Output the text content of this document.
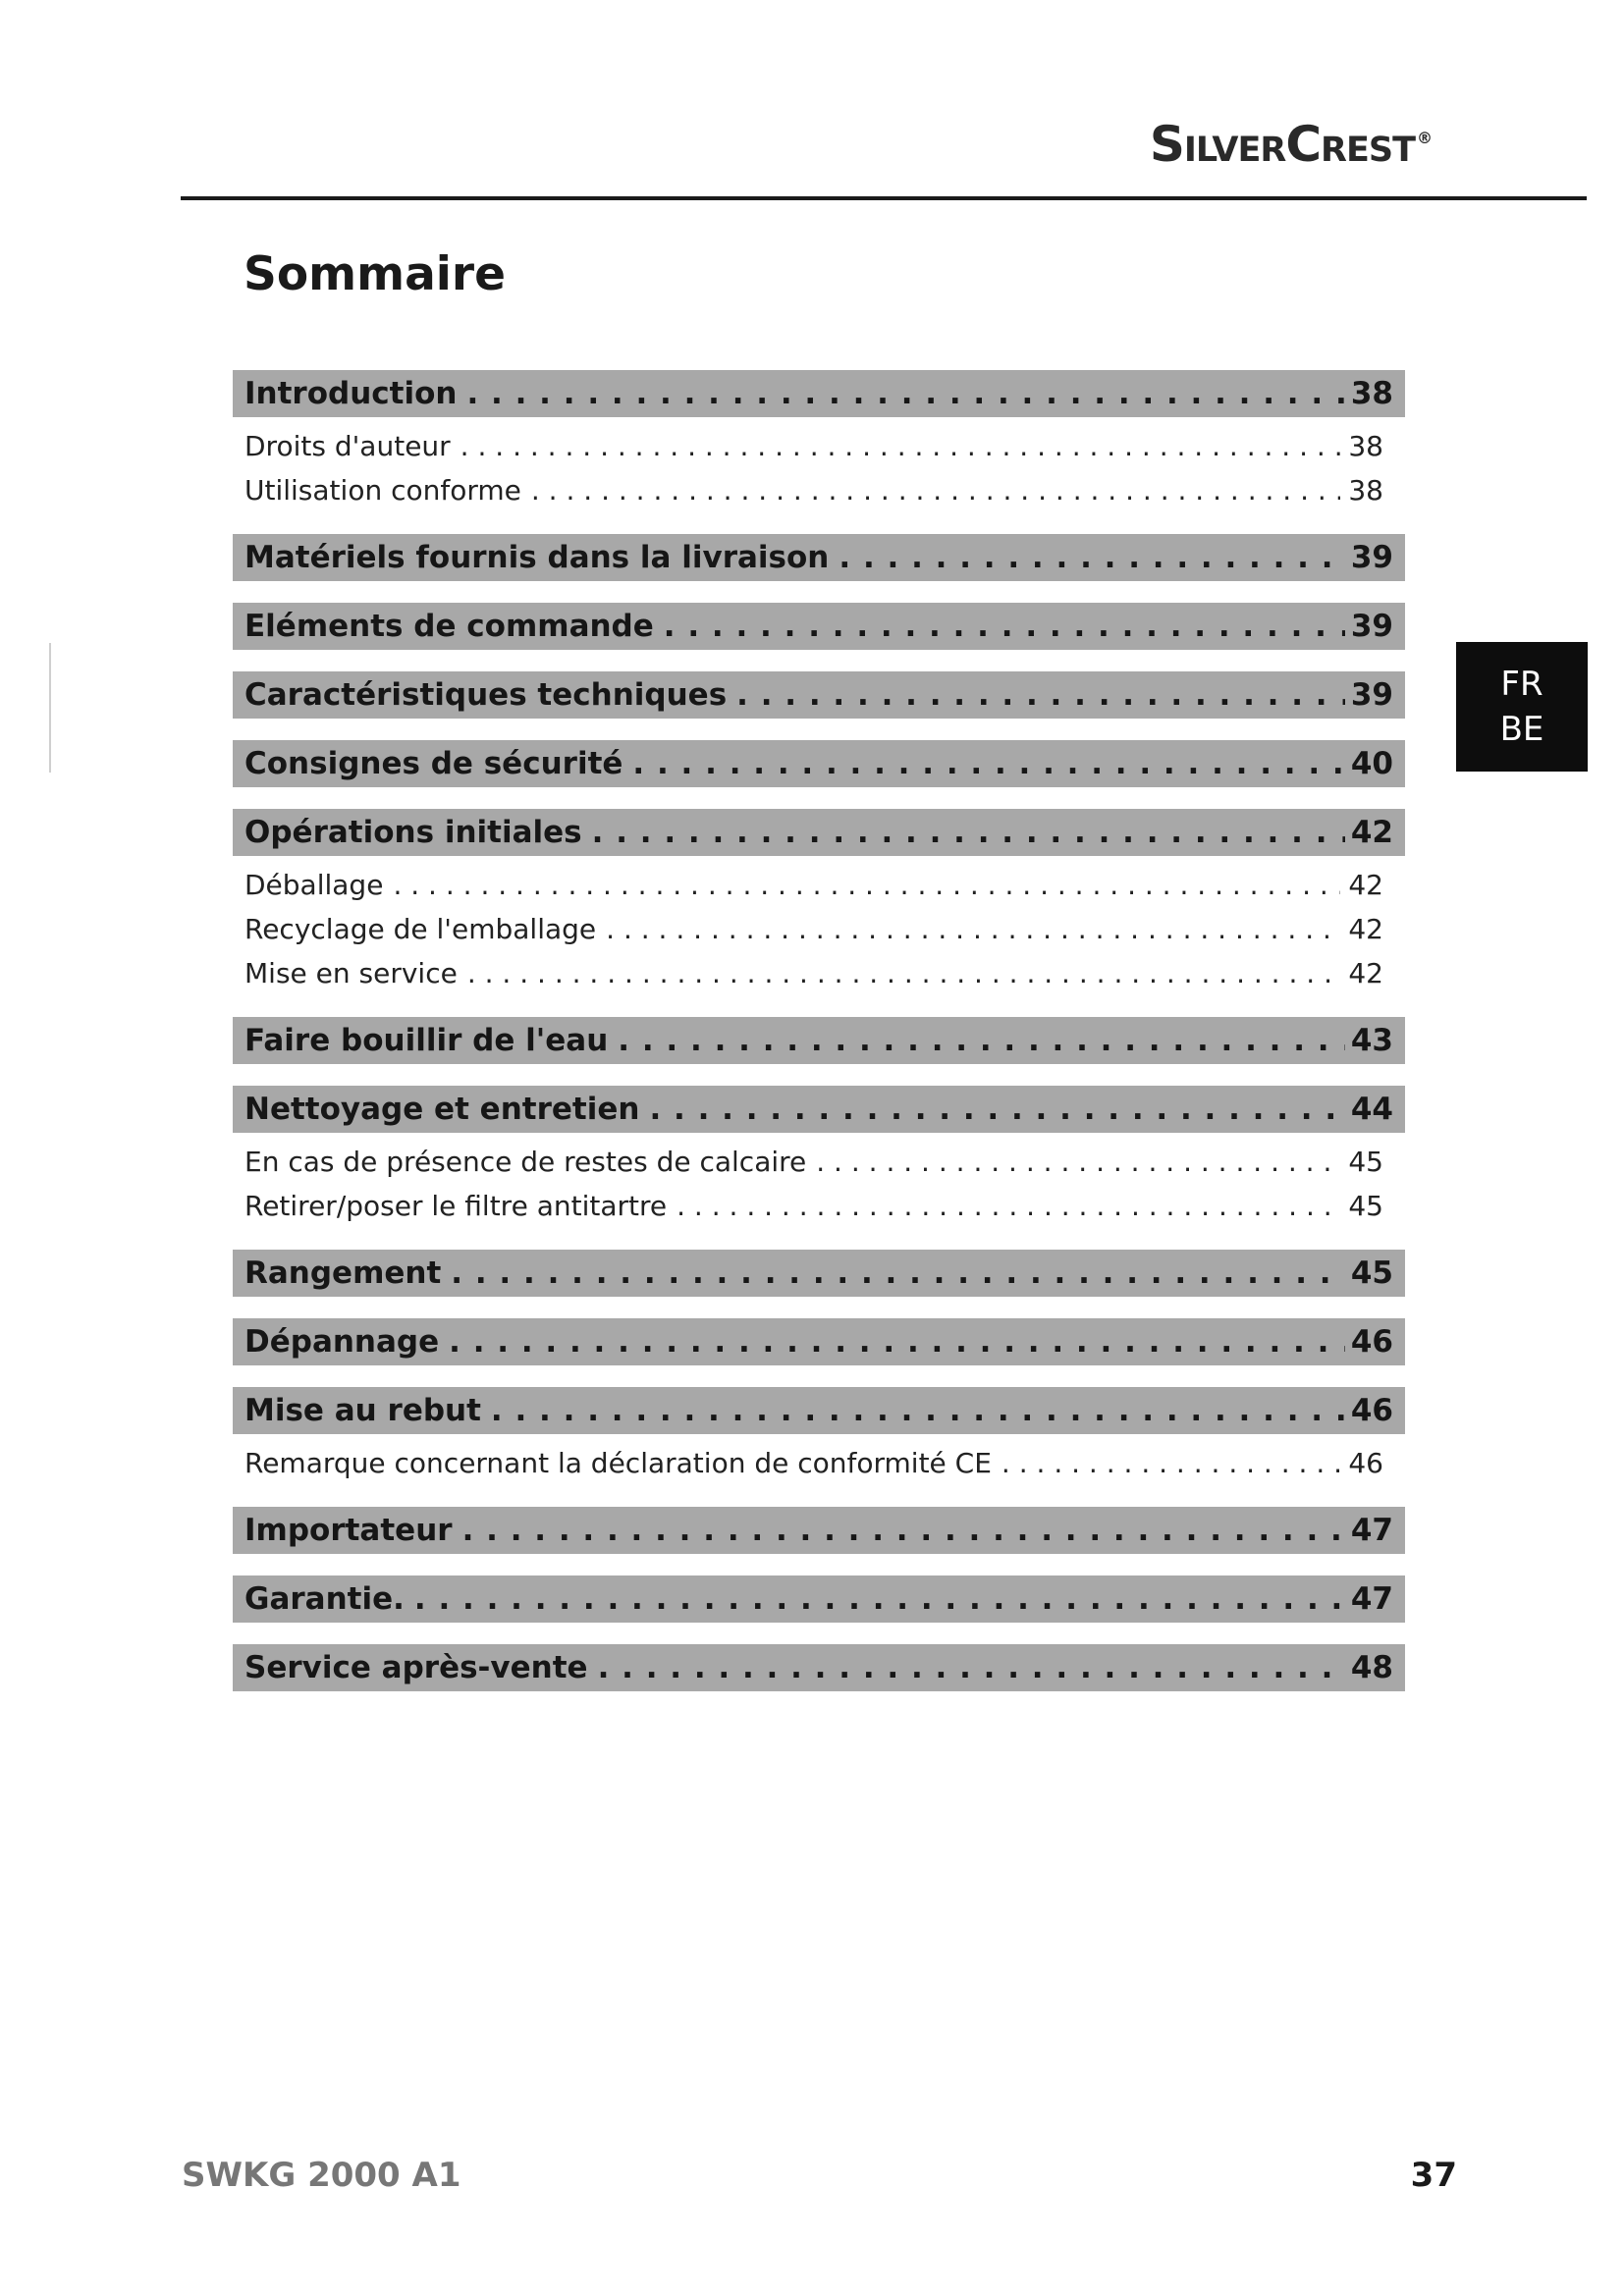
SilverCrest ®
Sommaire
FR
BE
Introduction . . .	38
Droits d'auteur . . .	38
Utilisation conforme . . .	38
Matériels fournis dans la livraison . . .	39
Eléments de commande . . .	39
Caractéristiques techniques . . .	39
Consignes de sécurité . . .	40
Opérations initiales . . .	42
Déballage . . .	42
Recyclage de l'emballage . . .	42
Mise en service . . .	42
Faire bouillir de l'eau . . .	43
Nettoyage et entretien . . .	44
En cas de présence de restes de calcaire . . .	45
Retirer/poser le filtre antitartre . . .	45
Rangement . . .	45
Dépannage . . .	46
Mise au rebut . . .	46
Remarque concernant la déclaration de conformité CE . . .	46
Importateur . . .	47
Garantie. . . .	47
Service après-vente . . .	48
SWKG 2000 A1	37
